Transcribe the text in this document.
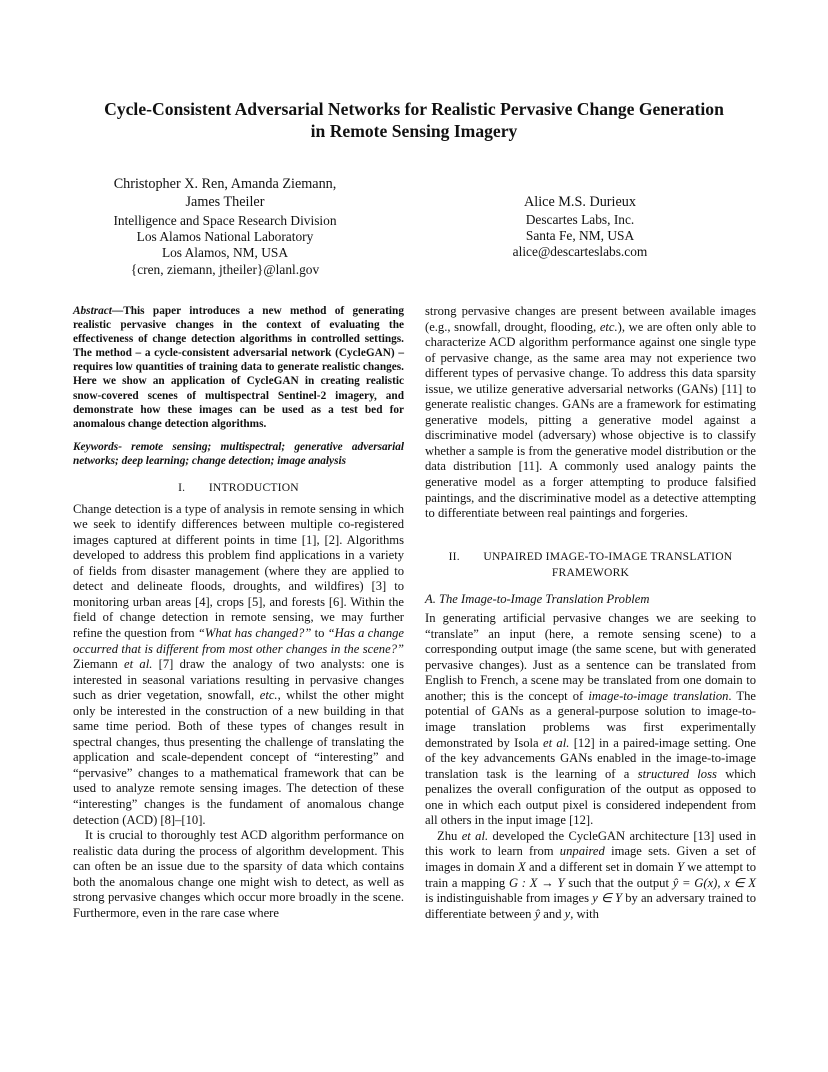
Cycle-Consistent Adversarial Networks for Realistic Pervasive Change Generation
in Remote Sensing Imagery
Christopher X. Ren, Amanda Ziemann,
James Theiler
Intelligence and Space Research Division
Los Alamos National Laboratory
Los Alamos, NM, USA
{cren, ziemann, jtheiler}@lanl.gov
Alice M.S. Durieux
Descartes Labs, Inc.
Santa Fe, NM, USA
alice@descarteslabs.com

Abstract—This paper introduces a new method of generating realistic pervasive changes in the context of evaluating the effectiveness of change detection algorithms in controlled settings. The method – a cycle-consistent adversarial network (CycleGAN) – requires low quantities of training data to generate realistic changes. Here we show an application of CycleGAN in creating realistic snow-covered scenes of multispectral Sentinel-2 imagery, and demonstrate how these images can be used as a test bed for anomalous change detection algorithms.

Keywords- remote sensing; multispectral; generative adversarial networks; deep learning; change detection; image analysis

I.  INTRODUCTION

Change detection is a type of analysis in remote sensing in which we seek to identify differences between multiple co-registered images captured at different points in time [1], [2]. Algorithms developed to address this problem find applications in a variety of fields from disaster management (where they are applied to detect and delineate floods, droughts, and wildfires) [3] to monitoring urban areas [4], crops [5], and forests [6]. Within the field of change detection in remote sensing, we may further refine the question from “What has changed?” to “Has a change occurred that is different from most other changes in the scene?” Ziemann et al. [7] draw the analogy of two analysts: one is interested in seasonal variations resulting in pervasive changes such as drier vegetation, snowfall, etc., whilst the other might only be interested in the construction of a new building in that same time period. Both of these types of changes result in spectral changes, thus presenting the challenge of translating the application and scale-dependent concept of “interesting” and “pervasive” changes to a mathematical framework that can be used to analyze remote sensing images. The detection of these “interesting” changes is the fundament of anomalous change detection (ACD) [8]–[10].

It is crucial to thoroughly test ACD algorithm performance on realistic data during the process of algorithm development. This can often be an issue due to the sparsity of data which contains both the anomalous change one might wish to detect, as well as strong pervasive changes which occur more broadly in the scene. Furthermore, even in the rare case where

strong pervasive changes are present between available images (e.g., snowfall, drought, flooding, etc.), we are often only able to characterize ACD algorithm performance against one single type of pervasive change, as the same area may not experience two different types of pervasive change. To address this data sparsity issue, we utilize generative adversarial networks (GANs) [11] to generate realistic changes. GANs are a framework for estimating generative models, pitting a generative model against a discriminative model (adversary) whose objective is to classify whether a sample is from the generative model distribution or the data distribution [11]. A commonly used analogy paints the generative model as a forger attempting to produce falsified paintings, and the discriminative model as a detective attempting to differentiate between real paintings and forgeries.

II.  UNPAIRED IMAGE-TO-IMAGE TRANSLATION
FRAMEWORK

A. The Image-to-Image Translation Problem

In generating artificial pervasive changes we are seeking to “translate” an input (here, a remote sensing scene) to a corresponding output image (the same scene, but with generated pervasive changes). Just as a sentence can be translated from English to French, a scene may be translated from one domain to another; this is the concept of image-to-image translation. The potential of GANs as a general-purpose solution to image-to-image translation problems was first experimentally demonstrated by Isola et al. [12] in a paired-image setting. One of the key advancements GANs enabled in the image-to-image translation task is the learning of a structured loss which penalizes the overall configuration of the output as opposed to one in which each output pixel is considered independent from all others in the input image [12].

Zhu et al. developed the CycleGAN architecture [13] used in this work to learn from unpaired image sets. Given a set of images in domain X and a different set in domain Y we attempt to train a mapping G : X → Y such that the output ŷ = G(x), x ∈ X is indistinguishable from images y ∈ Y by an adversary trained to differentiate between ŷ and y, with
